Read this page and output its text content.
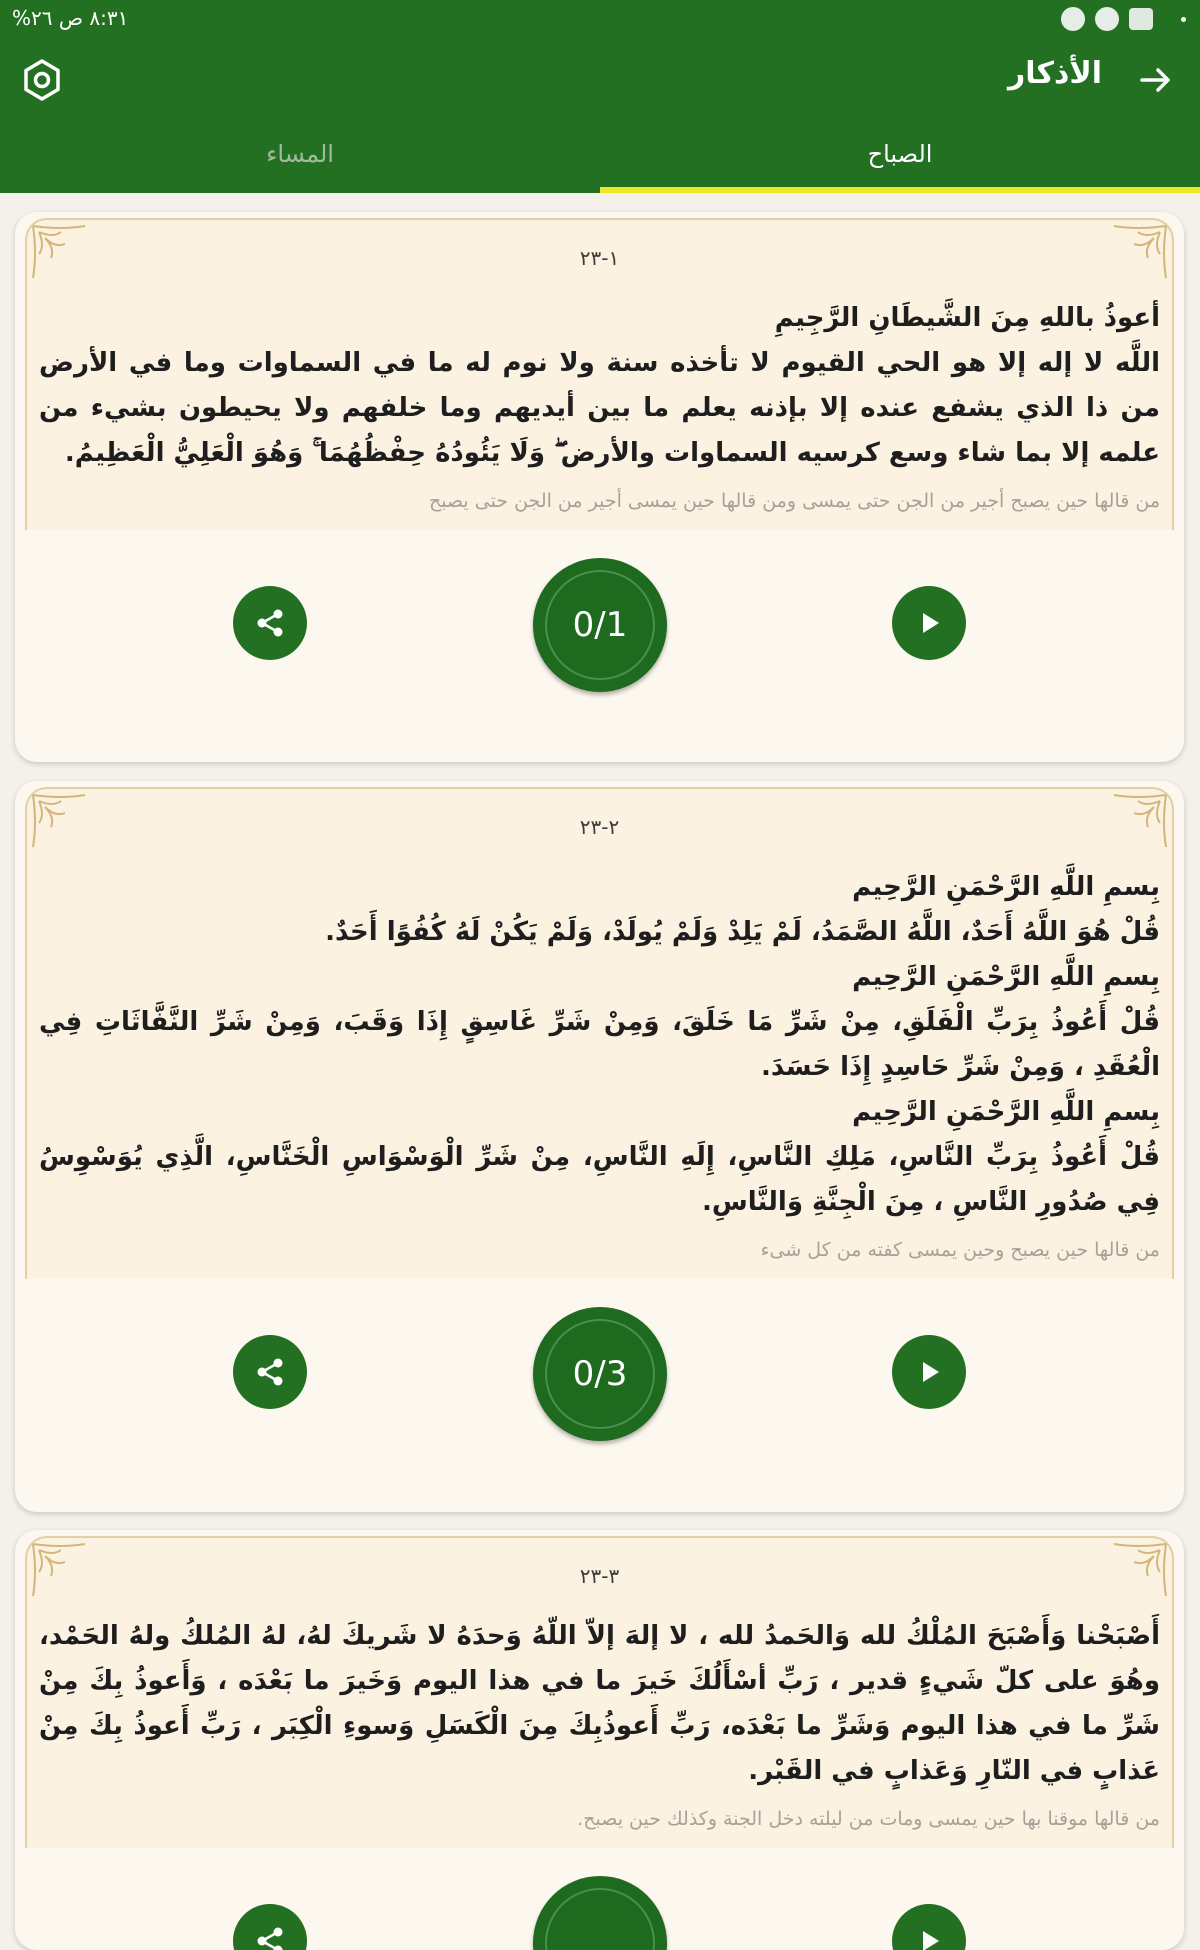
٨:٣١ ص ٢٦%
الأذكار
الصباح
المساء
١-٢٣

أعوذُ باللهِ مِنَ الشَّيطَانِ الرَّجِيمِ

اللَّه لا إله إلا هو الحي القيوم لا تأخذه سنة ولا نوم له ما في السماوات وما في الأرض من ذا الذي يشفع عنده إلا بإذنه يعلم ما بين أيديهم وما خلفهم ولا يحيطون بشيء من علمه إلا بما شاء وسع كرسيه السماوات والأرض ۖ وَلَا يَئُودُهُ حِفْظُهُمَا ۚ وَهُوَ الْعَلِيُّ الْعَظِيمُ.

من قالها حين يصبح أجير من الجن حتى يمسى ومن قالها حين يمسى أجير من الجن حتى يصبح
0/1
٢-٢٣

بِسمِ اللَّهِ الرَّحْمَنِ الرَّحِيم

قُلْ هُوَ اللَّهُ أَحَدٌ، اللَّهُ الصَّمَدُ، لَمْ يَلِدْ وَلَمْ يُولَدْ، وَلَمْ يَكُنْ لَهُ كُفُوًا أَحَدٌ.

بِسمِ اللَّهِ الرَّحْمَنِ الرَّحِيم

قُلْ أَعُوذُ بِرَبِّ الْفَلَقِ، مِنْ شَرِّ مَا خَلَقَ، وَمِنْ شَرِّ غَاسِقٍ إِذَا وَقَبَ، وَمِنْ شَرِّ النَّفَّاثَاتِ فِي الْعُقَدِ ، وَمِنْ شَرِّ حَاسِدٍ إِذَا حَسَدَ.

بِسمِ اللَّهِ الرَّحْمَنِ الرَّحِيم

قُلْ أَعُوذُ بِرَبِّ النَّاسِ، مَلِكِ النَّاسِ، إِلَهِ النَّاسِ، مِنْ شَرِّ الْوَسْوَاسِ الْخَنَّاسِ، الَّذِي يُوَسْوِسُ فِي صُدُورِ النَّاسِ ، مِنَ الْجِنَّةِ وَالنَّاسِ.

من قالها حين يصبح وحين يمسى كفته من كل شىء
0/3
٣-٢٣

أَصْبَحْنا وَأَصْبَحَ المُلْكُ لله وَالحَمدُ لله ، لا إلهَ إلاّ اللّهُ وَحدَهُ لا شَريكَ لهُ، لهُ المُلكُ ولهُ الحَمْد، وهُوَ على كلّ شَيءٍ قدير ، رَبِّ أسْأَلُكَ خَيرَ ما في هذا اليوم وَخَيرَ ما بَعْدَه ، وَأَعوذُ بِكَ مِنْ شَرِّ ما في هذا اليوم وَشَرِّ ما بَعْدَه، رَبِّ أَعوذُبِكَ مِنَ الْكَسَلِ وَسوءِ الْكِبَر ، رَبِّ أَعوذُ بِكَ مِنْ عَذابٍ في النّارِ وَعَذابٍ في القَبْر.

من قالها موقنا بها حين يمسى ومات من ليلته دخل الجنة وكذلك حين يصبح.
